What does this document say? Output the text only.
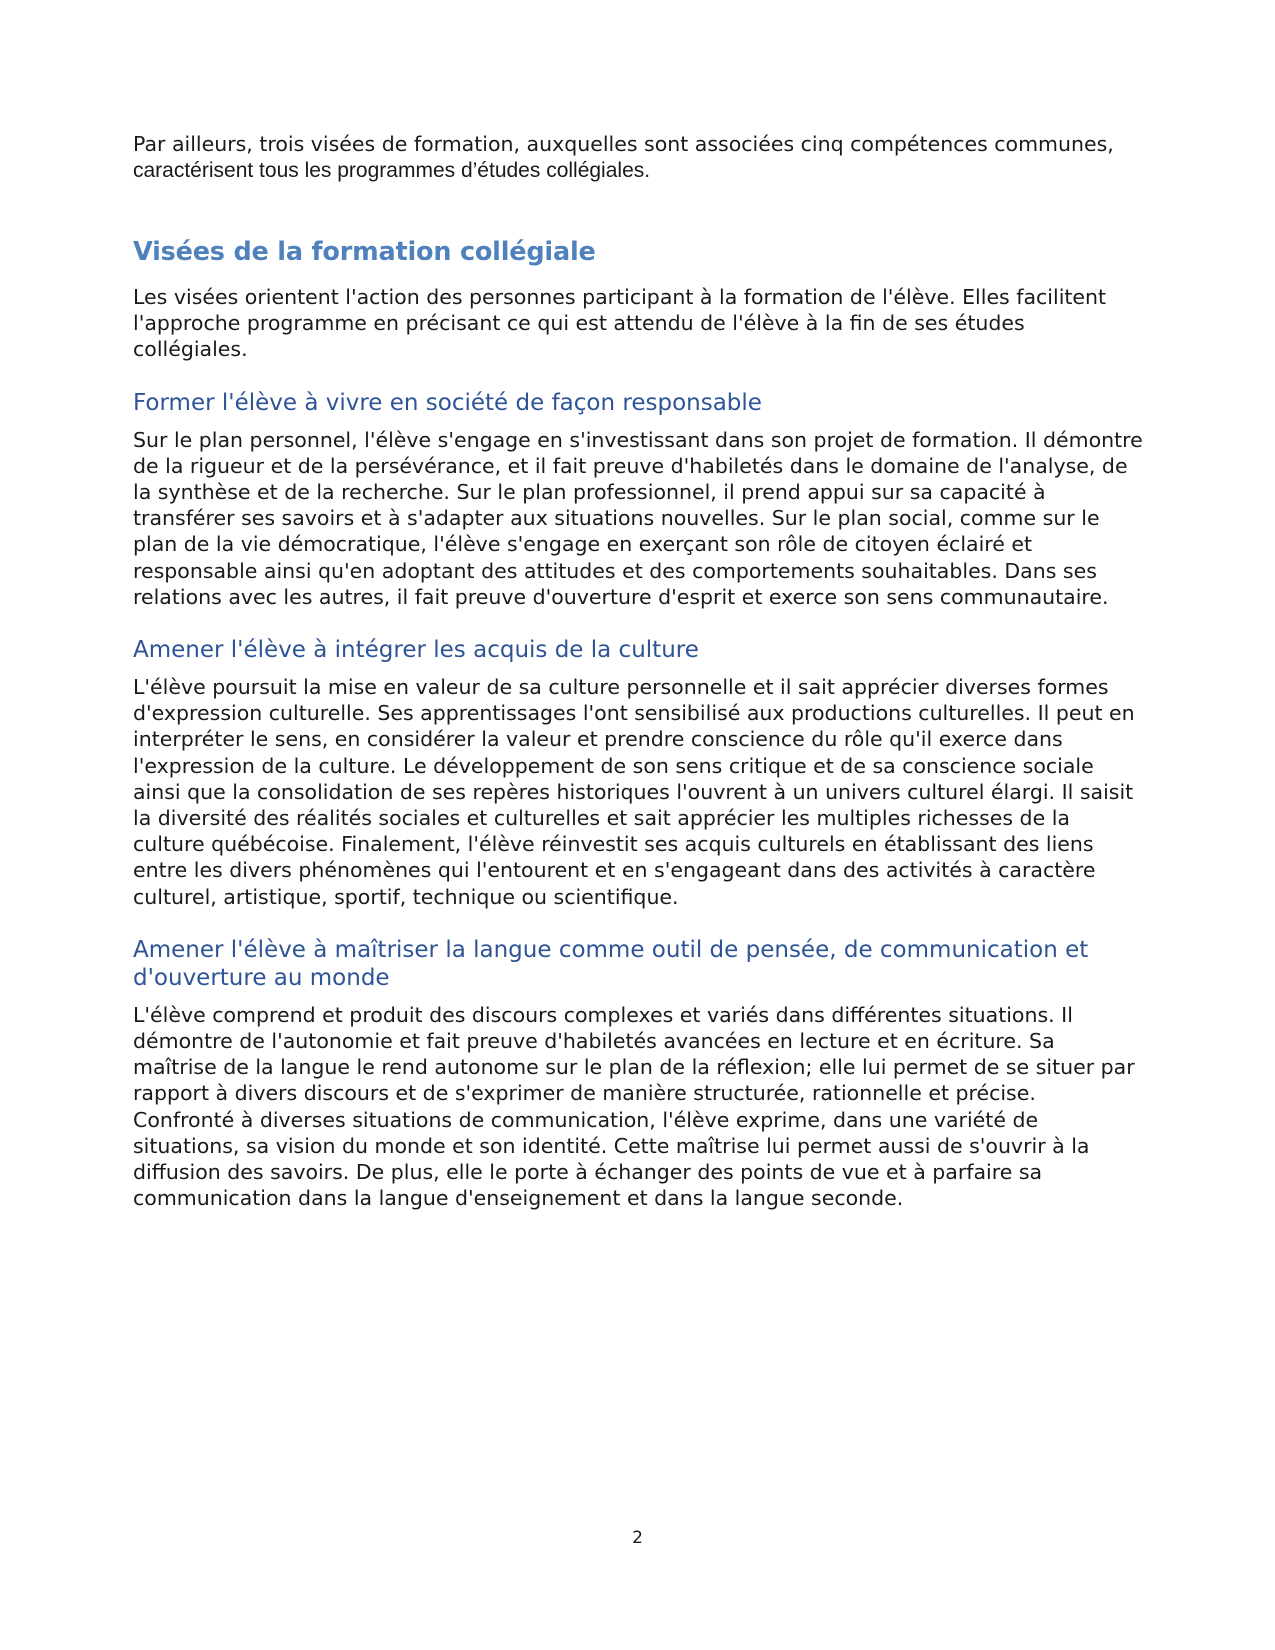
Par ailleurs, trois visées de formation, auxquelles sont associées cinq compétences communes,
caractérisent tous les programmes d’études collégiales.

Visées de la formation collégiale

Les visées orientent l'action des personnes participant à la formation de l'élève. Elles facilitent l'approche programme en précisant ce qui est attendu de l'élève à la fin de ses études collégiales.

Former l'élève à vivre en société de façon responsable

Sur le plan personnel, l'élève s'engage en s'investissant dans son projet de formation. Il démontre de la rigueur et de la persévérance, et il fait preuve d'habiletés dans le domaine de l'analyse, de la synthèse et de la recherche. Sur le plan professionnel, il prend appui sur sa capacité à transférer ses savoirs et à s'adapter aux situations nouvelles. Sur le plan social, comme sur le plan de la vie démocratique, l'élève s'engage en exerçant son rôle de citoyen éclairé et responsable ainsi qu'en adoptant des attitudes et des comportements souhaitables. Dans ses relations avec les autres, il fait preuve d'ouverture d'esprit et exerce son sens communautaire.

Amener l'élève à intégrer les acquis de la culture

L'élève poursuit la mise en valeur de sa culture personnelle et il sait apprécier diverses formes d'expression culturelle. Ses apprentissages l'ont sensibilisé aux productions culturelles. Il peut en interpréter le sens, en considérer la valeur et prendre conscience du rôle qu'il exerce dans l'expression de la culture. Le développement de son sens critique et de sa conscience sociale ainsi que la consolidation de ses repères historiques l'ouvrent à un univers culturel élargi. Il saisit la diversité des réalités sociales et culturelles et sait apprécier les multiples richesses de la culture québécoise. Finalement, l'élève réinvestit ses acquis culturels en établissant des liens entre les divers phénomènes qui l'entourent et en s'engageant dans des activités à caractère culturel, artistique, sportif, technique ou scientifique.

Amener l'élève à maîtriser la langue comme outil de pensée, de communication et d'ouverture au monde

L'élève comprend et produit des discours complexes et variés dans différentes situations. Il démontre de l'autonomie et fait preuve d'habiletés avancées en lecture et en écriture. Sa maîtrise de la langue le rend autonome sur le plan de la réflexion; elle lui permet de se situer par rapport à divers discours et de s'exprimer de manière structurée, rationnelle et précise. Confronté à diverses situations de communication, l'élève exprime, dans une variété de situations, sa vision du monde et son identité. Cette maîtrise lui permet aussi de s'ouvrir à la diffusion des savoirs. De plus, elle le porte à échanger des points de vue et à parfaire sa communication dans la langue d'enseignement et dans la langue seconde.

2
